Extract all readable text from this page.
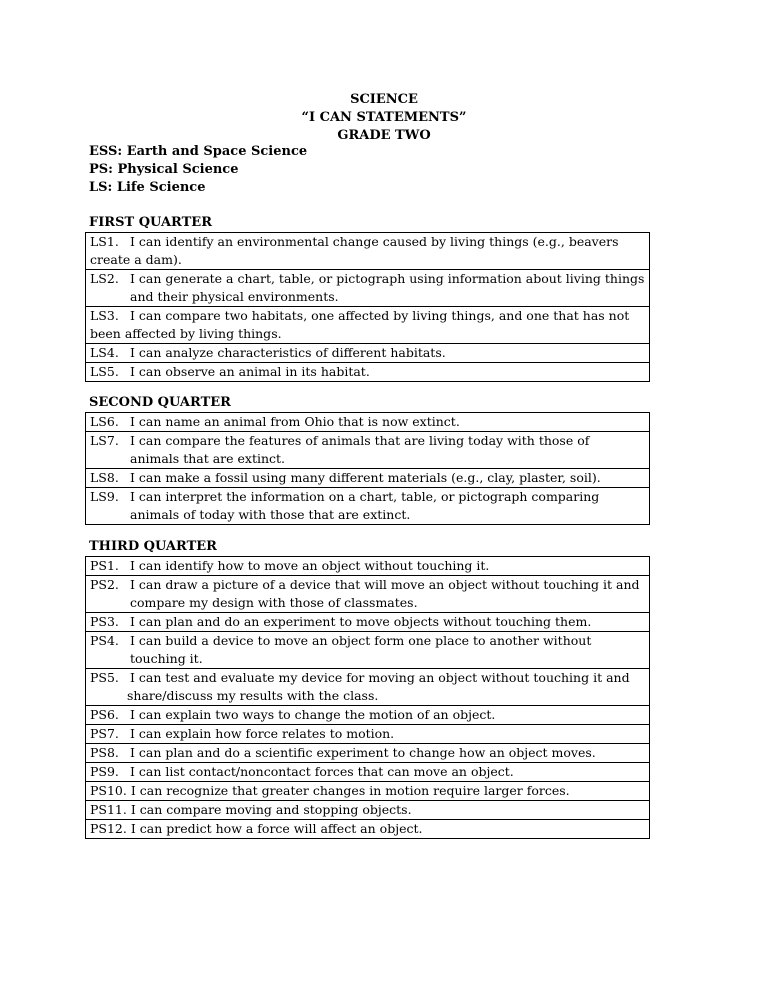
SCIENCE
“I CAN STATEMENTS”
GRADE TWO
ESS: Earth and Space Science
PS: Physical Science
LS: Life Science
FIRST QUARTER
LS1. I can identify an environmental change caused by living things (e.g., beavers
create a dam).
LS2. I can generate a chart, table, or pictograph using information about living things
and their physical environments.
LS3. I can compare two habitats, one affected by living things, and one that has not
been affected by living things.
LS4. I can analyze characteristics of different habitats.
LS5. I can observe an animal in its habitat.
SECOND QUARTER
LS6. I can name an animal from Ohio that is now extinct.
LS7. I can compare the features of animals that are living today with those of
animals that are extinct.
LS8. I can make a fossil using many different materials (e.g., clay, plaster, soil).
LS9. I can interpret the information on a chart, table, or pictograph comparing
animals of today with those that are extinct.
THIRD QUARTER
PS1. I can identify how to move an object without touching it.
PS2. I can draw a picture of a device that will move an object without touching it and
compare my design with those of classmates.
PS3. I can plan and do an experiment to move objects without touching them.
PS4. I can build a device to move an object form one place to another without
touching it.
PS5. I can test and evaluate my device for moving an object without touching it and
share/discuss my results with the class.
PS6. I can explain two ways to change the motion of an object.
PS7. I can explain how force relates to motion.
PS8. I can plan and do a scientific experiment to change how an object moves.
PS9. I can list contact/noncontact forces that can move an object.
PS10. I can recognize that greater changes in motion require larger forces.
PS11. I can compare moving and stopping objects.
PS12. I can predict how a force will affect an object.
